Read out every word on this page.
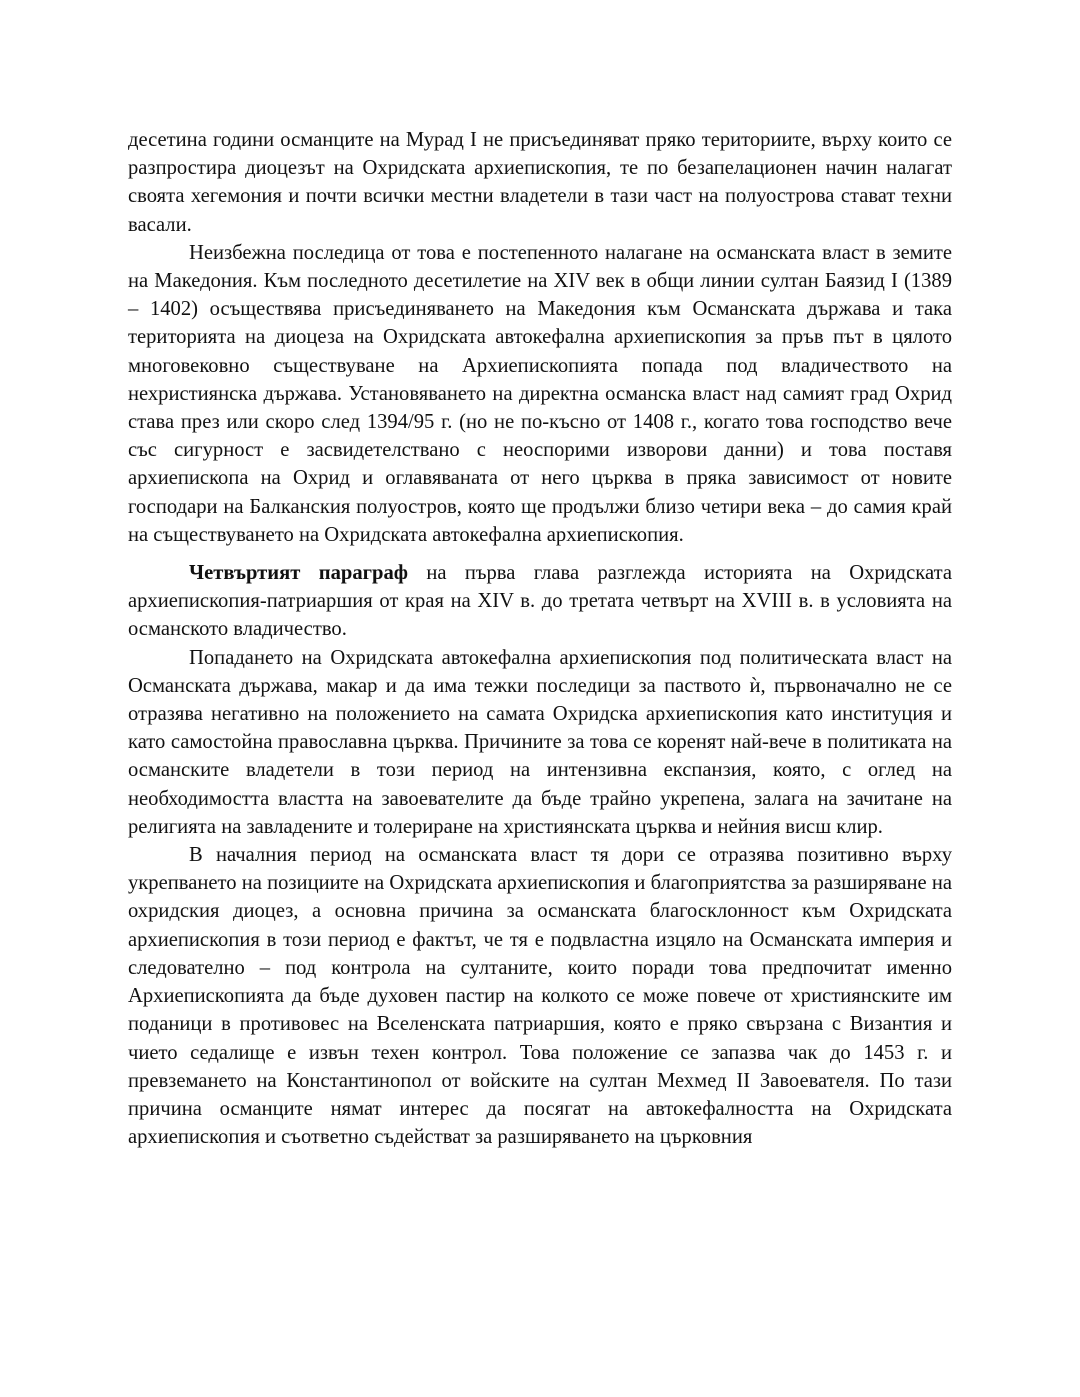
десетина години османците на Мурад I не присъединяват пряко териториите, върху които се разпростира диоцезът на Охридската архиепископия, те по безапелационен начин налагат своята хегемония и почти всички местни владетели в тази част на полуострова стават техни васали.

Неизбежна последица от това е постепенното налагане на османската власт в земите на Македония. Към последното десетилетие на XIV век в общи линии султан Баязид I (1389 – 1402) осъществява присъединяването на Македония към Османската държава и така територията на диоцеза на Охридската автокефална архиепископия за пръв път в цялото многовековно съществуване на Архиепископията попада под владичеството на нехристиянска държава. Установяването на директна османска власт над самият град Охрид става през или скоро след 1394/95 г. (но не по-късно от 1408 г., когато това господство вече със сигурност е засвидетелствано с неоспорими изворови данни) и това поставя архиепископа на Охрид и оглавяваната от него църква в пряка зависимост от новите господари на Балканския полуостров, която ще продължи близо четири века – до самия край на съществуването на Охридската автокефална архиепископия.

Четвъртият параграф на първа глава разглежда историята на Охридската архиепископия-патриаршия от края на XIV в. до третата четвърт на XVIII в. в условията на османското владичество.

Попадането на Охридската автокефална архиепископия под политическата власт на Османската държава, макар и да има тежки последици за паството ѝ, първоначално не се отразява негативно на положението на самата Охридска архиепископия като институция и като самостойна православна църква. Причините за това се коренят най-вече в политиката на османските владетели в този период на интензивна експанзия, която, с оглед на необходимостта властта на завоевателите да бъде трайно укрепена, залага на зачитане на религията на завладените и толериране на християнската църква и нейния висш клир.

В началния период на османската власт тя дори се отразява позитивно върху укрепването на позициите на Охридската архиепископия и благоприятства за разширяване на охридския диоцез, а основна причина за османската благосклонност към Охридската архиепископия в този период е фактът, че тя е подвластна изцяло на Османската империя и следователно – под контрола на султаните, които поради това предпочитат именно Архиепископията да бъде духовен пастир на колкото се може повече от християнските им поданици в противовес на Вселенската патриаршия, която е пряко свързана с Византия и чието седалище е извън техен контрол. Това положение се запазва чак до 1453 г. и превземането на Константинопол от войските на султан Мехмед II Завоевателя. По тази причина османците нямат интерес да посягат на автокефалността на Охридската архиепископия и съответно съдействат за разширяването на църковния
